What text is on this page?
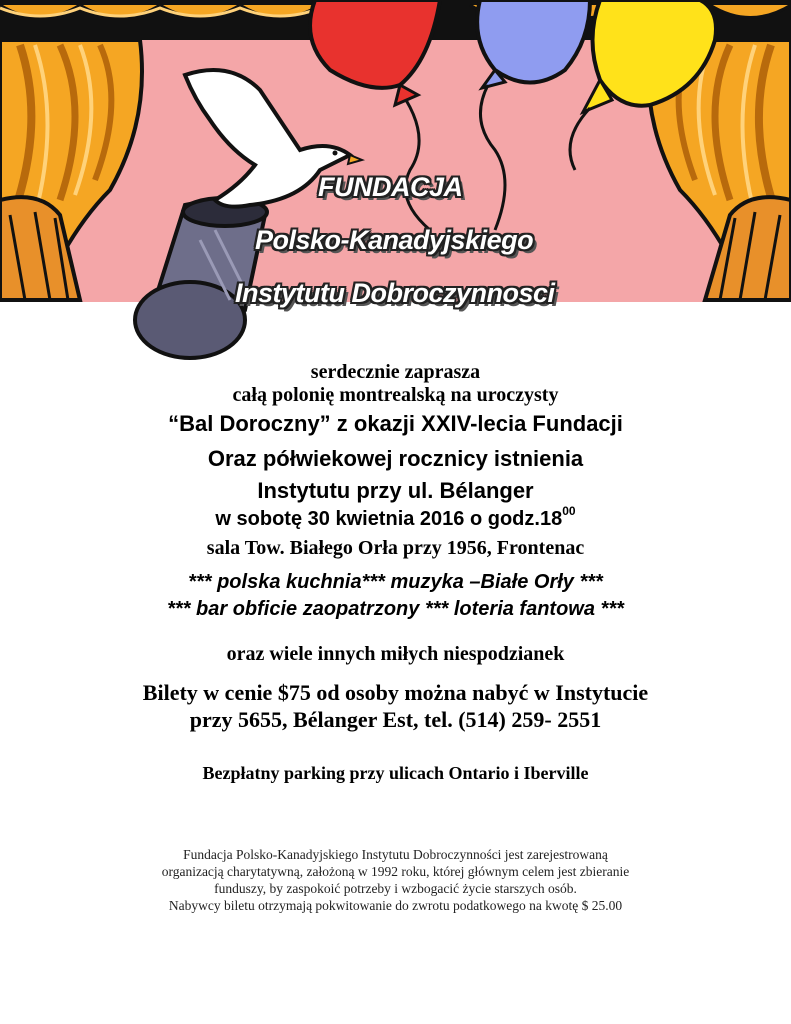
FUNDACJA
Polsko-Kanadyjskiego
Instytutu Dobroczynnosci
serdecznie zaprasza
całą polonię montrealską na uroczysty
“Bal Doroczny” z okazji XXIV-lecia Fundacji
Oraz półwiekowej rocznicy istnienia
Instytutu przy ul. Bélanger
w sobotę 30 kwietnia 2016 o $godz.18^{00}$
sala Tow. Białego Orła przy 1956, Frontenac
*** polska kuchnia*** muzyka –Białe Orły ***
*** bar obficie zaopatrzony *** loteria fantowa ***
oraz wiele innych miłych niespodzianek
Bilety w cenie $75 od osoby można nabyć w Instytucie
przy 5655, Bélanger Est, tel. (514) 259- 2551
Bezpłatny parking przy ulicach Ontario i Iberville
Fundacja Polsko-Kanadyjskiego Instytutu Dobroczynności jest zarejestrowaną
organizacją charytatywną, założoną w 1992 roku, której głównym celem jest zbieranie
funduszy, by zaspokoić potrzeby i wzbogacić życie starszych osób.
Nabywcy biletu otrzymają pokwitowanie do zwrotu podatkowego na kwotę $ 25.00
